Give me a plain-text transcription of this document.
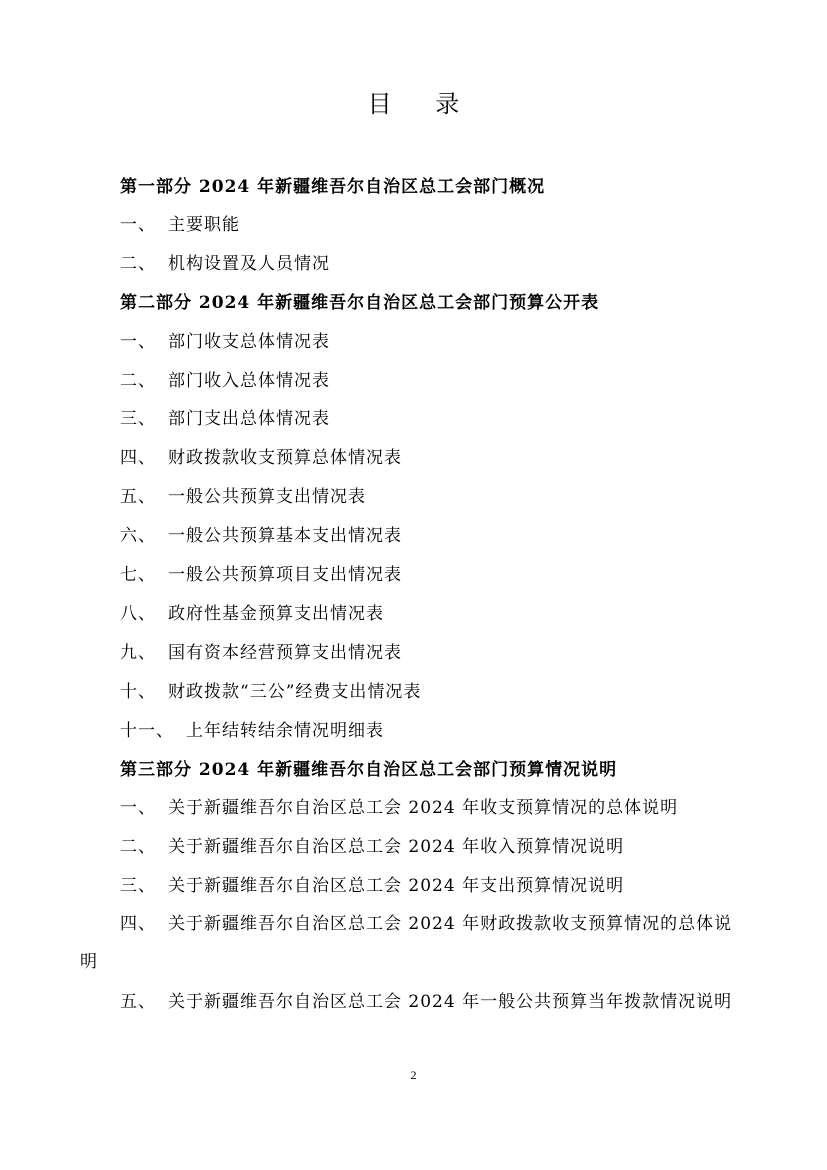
目 录
第一部分 2024 年新疆维吾尔自治区总工会部门概况
一、 主要职能
二、 机构设置及人员情况
第二部分 2024 年新疆维吾尔自治区总工会部门预算公开表
一、 部门收支总体情况表
二、 部门收入总体情况表
三、 部门支出总体情况表
四、 财政拨款收支预算总体情况表
五、 一般公共预算支出情况表
六、 一般公共预算基本支出情况表
七、 一般公共预算项目支出情况表
八、 政府性基金预算支出情况表
九、 国有资本经营预算支出情况表
十、 财政拨款“三公”经费支出情况表
十一、 上年结转结余情况明细表
第三部分 2024 年新疆维吾尔自治区总工会部门预算情况说明
一、 关于新疆维吾尔自治区总工会 2024 年收支预算情况的总体说明
二、 关于新疆维吾尔自治区总工会 2024 年收入预算情况说明
三、 关于新疆维吾尔自治区总工会 2024 年支出预算情况说明
四、 关于新疆维吾尔自治区总工会 2024 年财政拨款收支预算情况的总体说明
五、 关于新疆维吾尔自治区总工会 2024 年一般公共预算当年拨款情况说明
2
